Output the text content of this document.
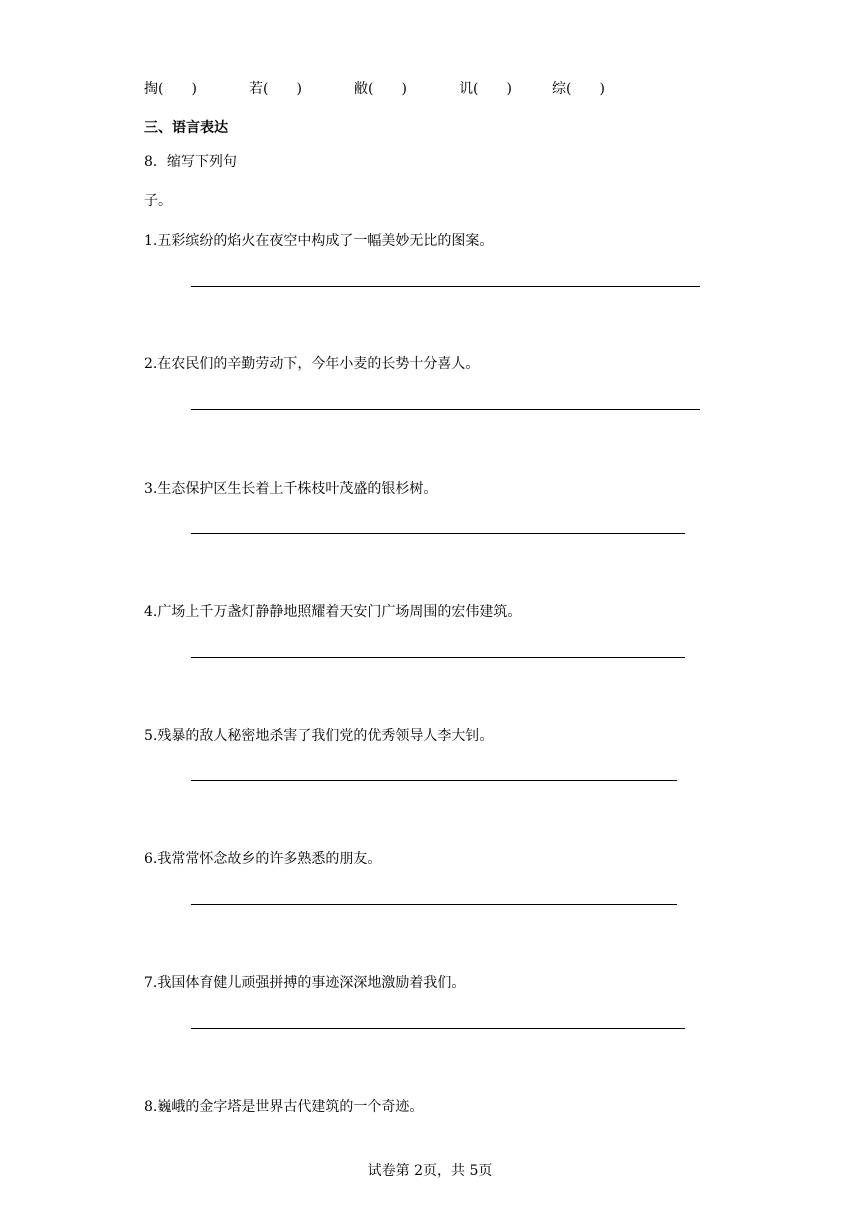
掏(　　)	若(　　)	敝(　　)	讥(　　)	综(　　)
三、语言表达
8．缩写下列句
子。
1.五彩缤纷的焰火在夜空中构成了一幅美妙无比的图案。
2.在农民们的辛勤劳动下，今年小麦的长势十分喜人。
3.生态保护区生长着上千株枝叶茂盛的银杉树。
4.广场上千万盏灯静静地照耀着天安门广场周围的宏伟建筑。
5.残暴的敌人秘密地杀害了我们党的优秀领导人李大钊。
6.我常常怀念故乡的许多熟悉的朋友。
7.我国体育健儿顽强拼搏的事迹深深地激励着我们。
8.巍峨的金字塔是世界古代建筑的一个奇迹。
试卷第 2页，共 5页
